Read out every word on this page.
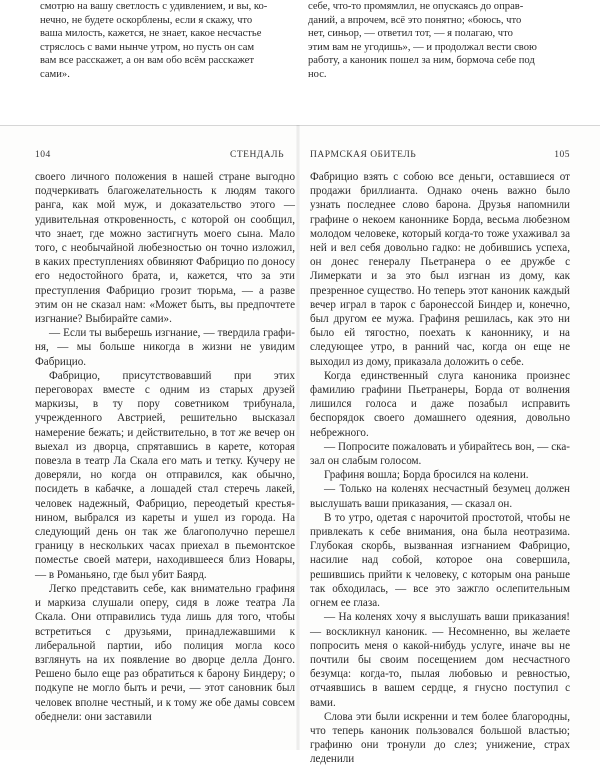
смотрю на вашу светлость с удивлением, и вы, ко-
нечно, не будете оскорблены, если я скажу, что
ваша милость, кажется, не знает, какое несчастье
стряслось с вами нынче утром, но пусть он сам
вам все расскажет, а он вам обо всём расскажет
сами».
себе, что-то промямлил, не опускаясь до оправ-
даний, а впрочем, всё это понятно; «боюсь, что
нет, синьор, — ответил тот, — я полагаю, что
этим вам не угодишь», — и продолжал вести свою
работу, а каноник пошел за ним, бормоча себе под
нос.
104	СТЕНДАЛЬ

своего личного положения в нашей стране выгодно подчеркивать благожелательность к людям такого ранга, как мой муж, и доказательство этого — удивительная откровенность, с которой он сообщил, что знает, где можно застигнуть моего сына. Мало того, с необычайной любезностью он точно изложил, в каких преступлениях обвиняют Фабрицио по доносу его недостойного брата, и, кажется, что за эти преступления Фабрицио грозит тюрьма, — а разве этим он не сказал нам: «Может быть, вы предпочтете изгнание? Выбирайте сами».

— Если ты выберешь изгнание, — твердила графиня, — мы больше никогда в жизни не увидим Фабрицио.

Фабрицио, присутствовавший при этих переговорах вместе с одним из старых друзей маркизы, в ту пору советником трибунала, учрежденного Австрией, решительно высказал намерение бежать; и действительно, в тот же вечер он выехал из дворца, спрятавшись в карете, которая повезла в театр Ла Скала его мать и тетку. Кучеру не доверяли, но когда он отправился, как обычно, посидеть в кабачке, а лошадей стал стеречь лакей, человек надежный, Фабрицио, переодетый крестьянином, выбрался из кареты и ушел из города. На следующий день он так же благополучно перешел границу в нескольких часах приехал в пьемонтское поместье своей матери, находившееся близ Новары, — в Романьяно, где был убит Баярд.

Легко представить себе, как внимательно графиня и маркиза слушали оперу, сидя в ложе театра Ла Скала. Они отправились туда лишь для того, чтобы встретиться с друзьями, принадлежавшими к либеральной партии, ибо полиция могла косо взглянуть на их появление во дворце делла Донго. Решено было еще раз обратиться к барону Биндеру; о подкупе не могло быть и речи, — этот сановник был человек вполне честный, и к тому же обе дамы совсем обеднели: они заставили

ПАРМСКАЯ ОБИТЕЛЬ	105

Фабрицио взять с собою все деньги, оставшиеся от продажи бриллианта. Однако очень важно было узнать последнее слово барона. Друзья напомнили графине о некоем каноннике Борда, весьма любезном молодом человеке, который когда-то тоже ухаживал за ней и вел себя довольно гадко: не добившись успеха, он донес генералу Пьетранера о ее дружбе с Лимеркати и за это был изгнан из дому, как презренное существо. Но теперь этот каноник каждый вечер играл в тарок с баронессой Биндер и, конечно, был другом ее мужа. Графиня решилась, как это ни было ей тягостно, поехать к каноннику, и на следующее утро, в ранний час, когда он еще не выходил из дому, приказала доложить о себе.

Когда единственный слуга каноника произнес фамилию графини Пьетранеры, Борда от волнения лишился голоса и даже позабыл исправить беспорядок своего домашнего одеяния, довольно небрежного.

— Попросите пожаловать и убирайтесь вон, — сказал он слабым голосом.

Графиня вошла; Борда бросился на колени.

— Только на коленях несчастный безумец должен выслушать ваши приказания, — сказал он.

В то утро, одетая с нарочитой простотой, чтобы не привлекать к себе внимания, она была неотразима. Глубокая скорбь, вызванная изгнанием Фабрицио, насилие над собой, которое она совершила, решившись прийти к человеку, с которым она раньше так обходилась, — все это зажгло ослепительным огнем ее глаза.

— На коленях хочу я выслушать ваши приказания! — воскликнул каноник. — Несомненно, вы желаете попросить меня о какой-нибудь услуге, иначе вы не почтили бы своим посещением дом несчастного безумца: когда-то, пылая любовью и ревностью, отчаявшись в вашем сердце, я гнусно поступил с вами.

Слова эти были искренни и тем более благородны, что теперь каноник пользовался большой властью; графиню они тронули до слез; унижение, страх леденили
